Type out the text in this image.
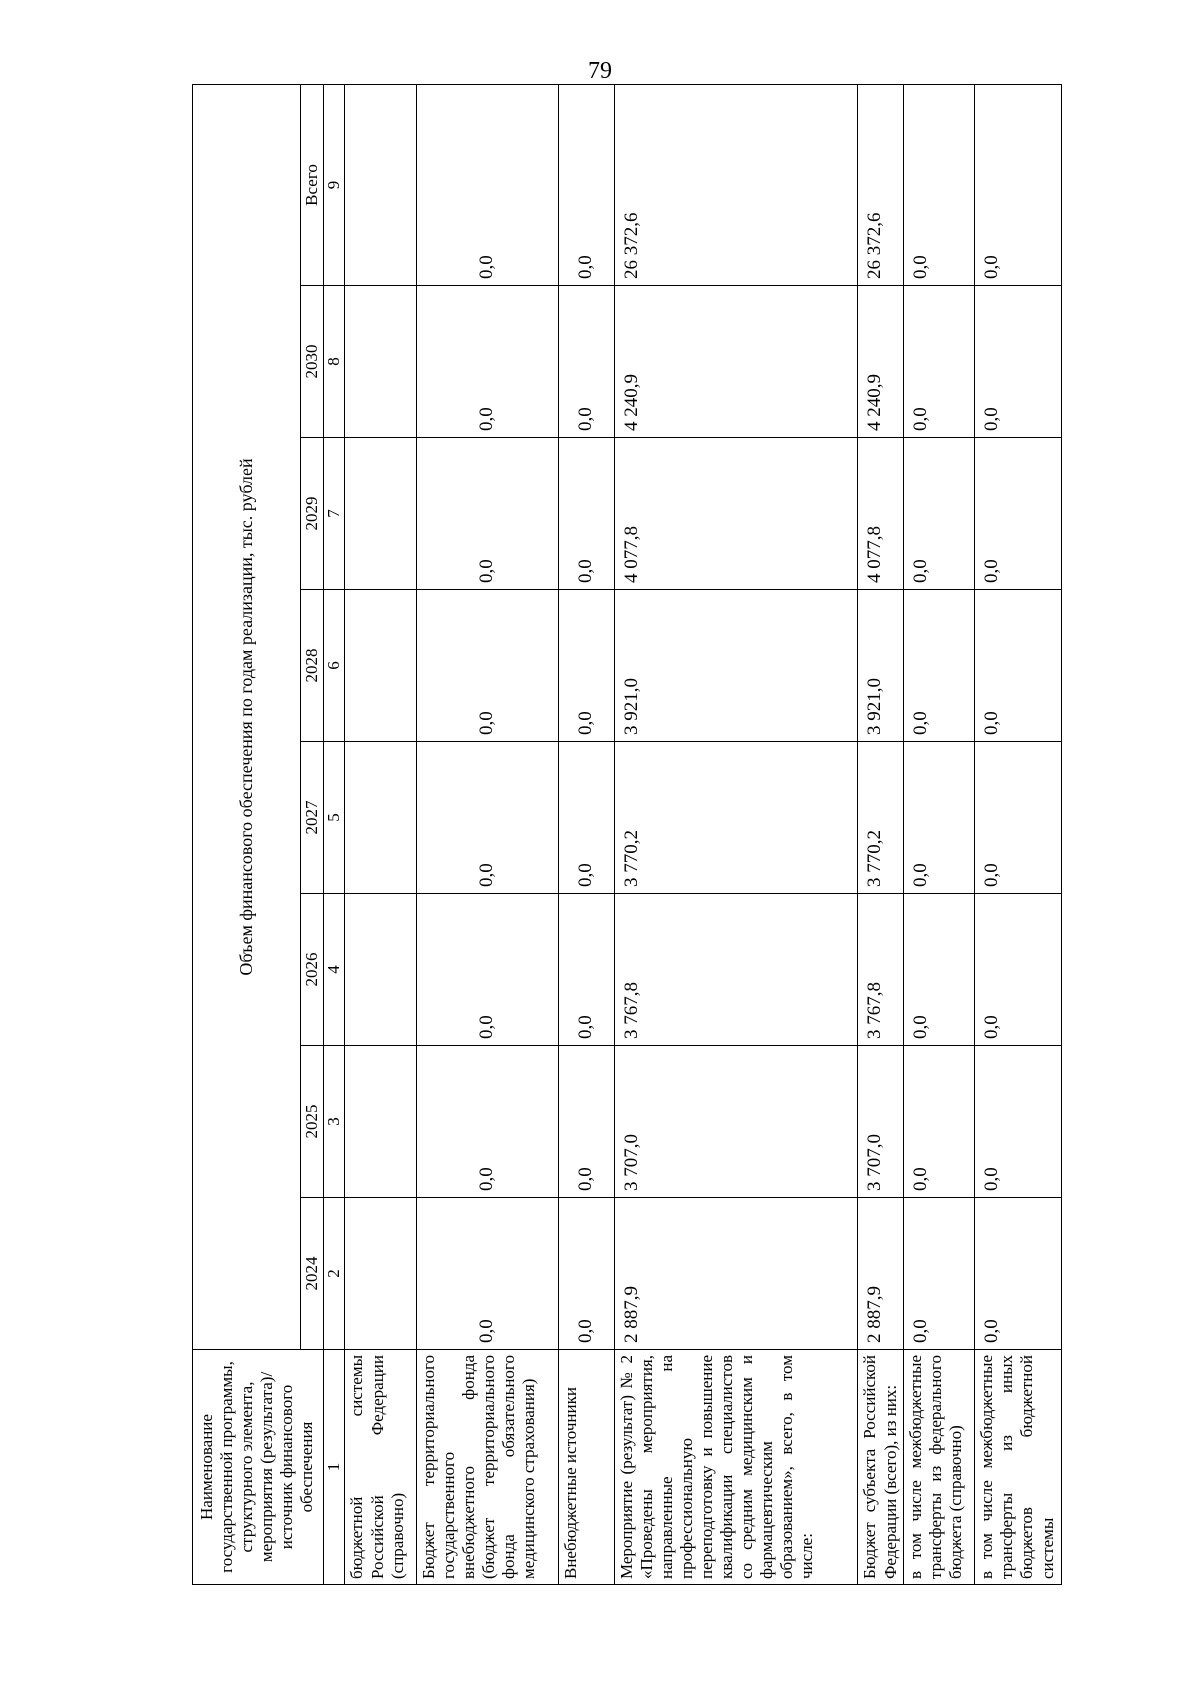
79
Наименование государственной программы, структурного элемента, мероприятия (результата)/источник финансового обеспечения	Объем финансового обеспечения по годам реализации, тыс. рублей							
	2024	2025	2026	2027	2028	2029	2030	Всего
1	2	3	4	5	6	7	8	9
бюджетной системы Российской Федерации (справочно)								
Бюджет территориального государственного внебюджетного фонда (бюджет территориального фонда обязательного медицинского страхования)	0,0	0,0	0,0	0,0	0,0	0,0	0,0	0,0
Внебюджетные источники	0,0	0,0	0,0	0,0	0,0	0,0	0,0	0,0
Мероприятие (результат) № 2 «Проведены мероприятия, направленные на профессиональную переподготовку и повышение квалификации специалистов со средним медицинским и фармацевтическим образованием», всего, в том числе:	2 887,9	3 707,0	3 767,8	3 770,2	3 921,0	4 077,8	4 240,9	26 372,6
Бюджет субъекта Российской Федерации (всего), из них:	2 887,9	3 707,0	3 767,8	3 770,2	3 921,0	4 077,8	4 240,9	26 372,6
в том числе межбюджетные трансферты из федерального бюджета (справочно)	0,0	0,0	0,0	0,0	0,0	0,0	0,0	0,0
в том числе межбюджетные трансферты из иных бюджетов бюджетной системы	0,0	0,0	0,0	0,0	0,0	0,0	0,0	0,0
